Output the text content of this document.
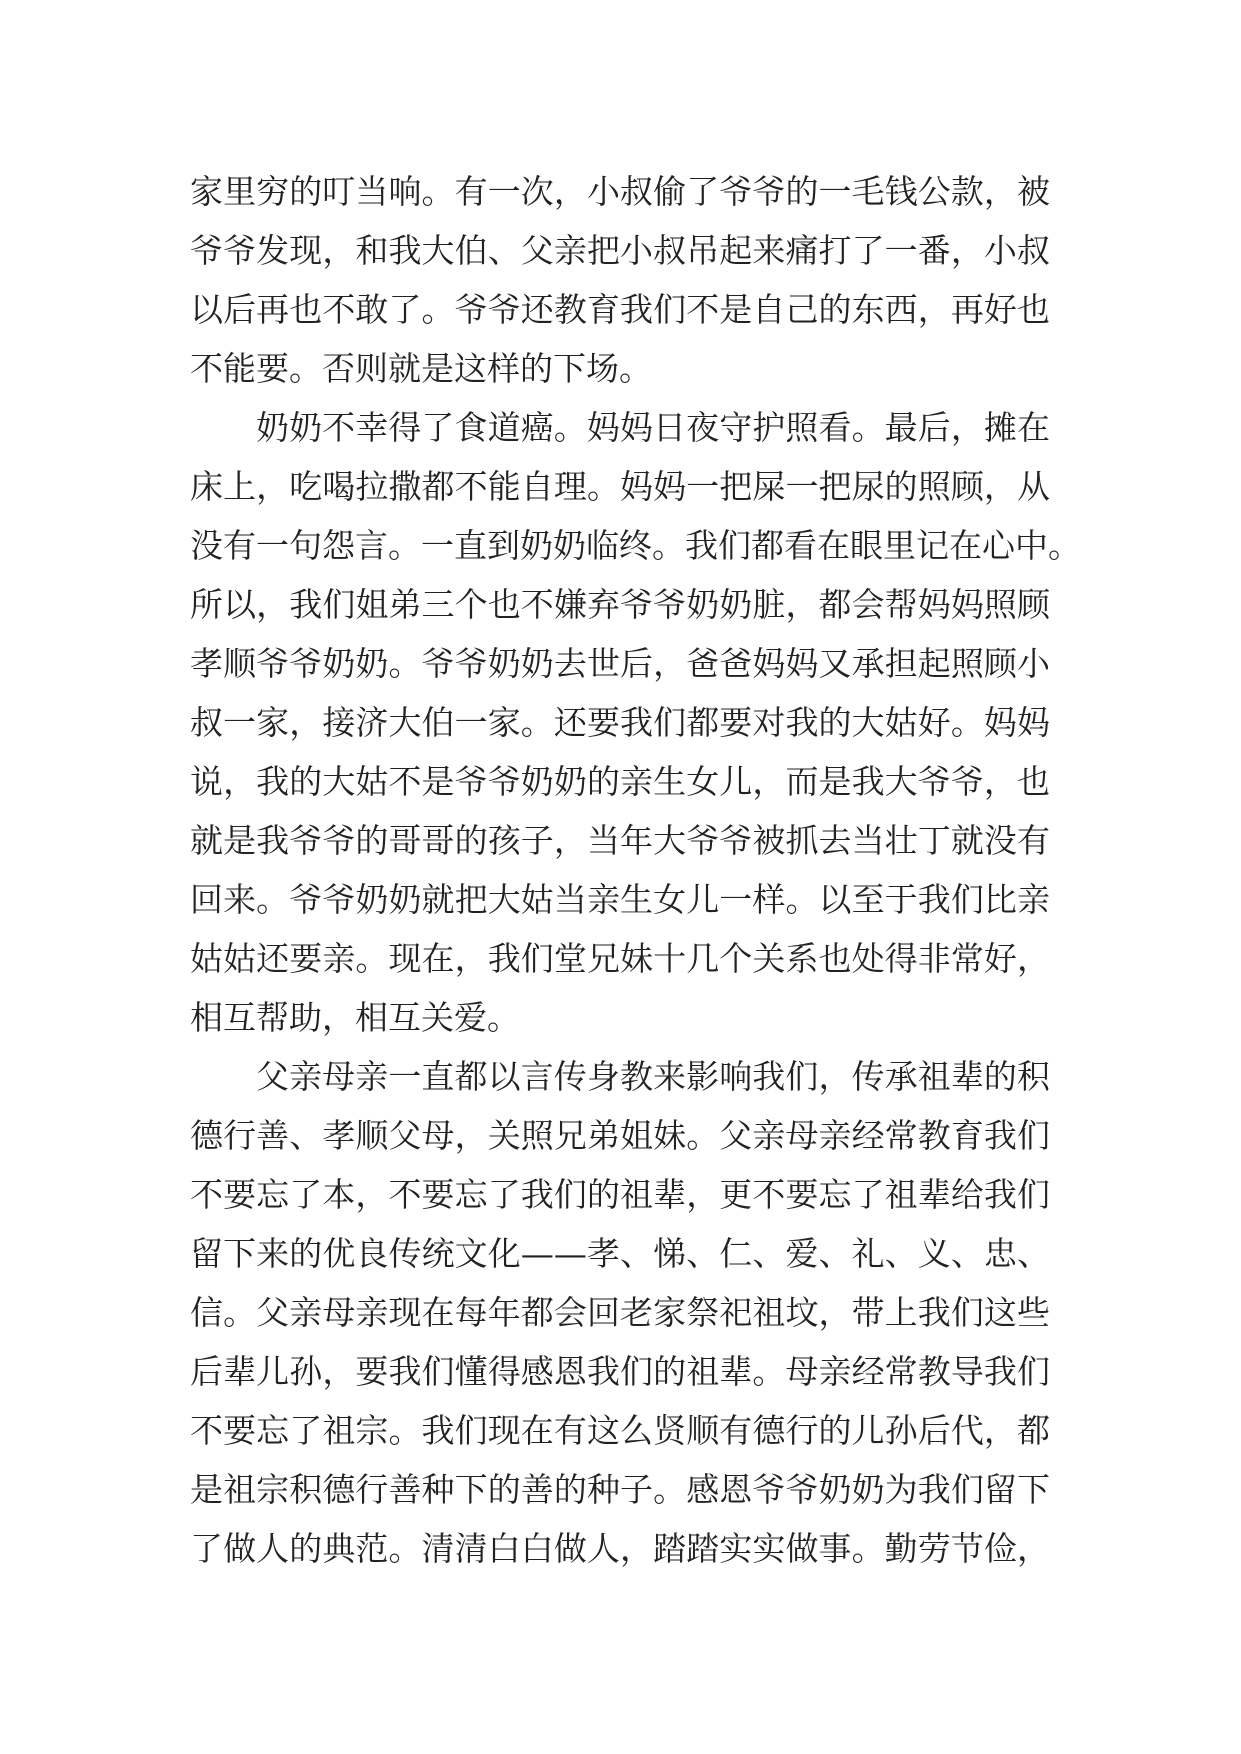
家里穷的叮当响。有一次，小叔偷了爷爷的一毛钱公款，被
爷爷发现，和我大伯、父亲把小叔吊起来痛打了一番，小叔
以后再也不敢了。爷爷还教育我们不是自己的东西，再好也
不能要。否则就是这样的下场。
奶奶不幸得了食道癌。妈妈日夜守护照看。最后，摊在
床上，吃喝拉撒都不能自理。妈妈一把屎一把尿的照顾，从
没有一句怨言。一直到奶奶临终。我们都看在眼里记在心中。
所以，我们姐弟三个也不嫌弃爷爷奶奶脏，都会帮妈妈照顾
孝顺爷爷奶奶。爷爷奶奶去世后，爸爸妈妈又承担起照顾小
叔一家，接济大伯一家。还要我们都要对我的大姑好。妈妈
说，我的大姑不是爷爷奶奶的亲生女儿，而是我大爷爷，也
就是我爷爷的哥哥的孩子，当年大爷爷被抓去当壮丁就没有
回来。爷爷奶奶就把大姑当亲生女儿一样。以至于我们比亲
姑姑还要亲。现在，我们堂兄妹十几个关系也处得非常好，
相互帮助，相互关爱。
父亲母亲一直都以言传身教来影响我们，传承祖辈的积
德行善、孝顺父母，关照兄弟姐妹。父亲母亲经常教育我们
不要忘了本，不要忘了我们的祖辈，更不要忘了祖辈给我们
留下来的优良传统文化——孝、悌、仁、爱、礼、义、忠、
信。父亲母亲现在每年都会回老家祭祀祖坟，带上我们这些
后辈儿孙，要我们懂得感恩我们的祖辈。母亲经常教导我们
不要忘了祖宗。我们现在有这么贤顺有德行的儿孙后代，都
是祖宗积德行善种下的善的种子。感恩爷爷奶奶为我们留下
了做人的典范。清清白白做人，踏踏实实做事。勤劳节俭，
